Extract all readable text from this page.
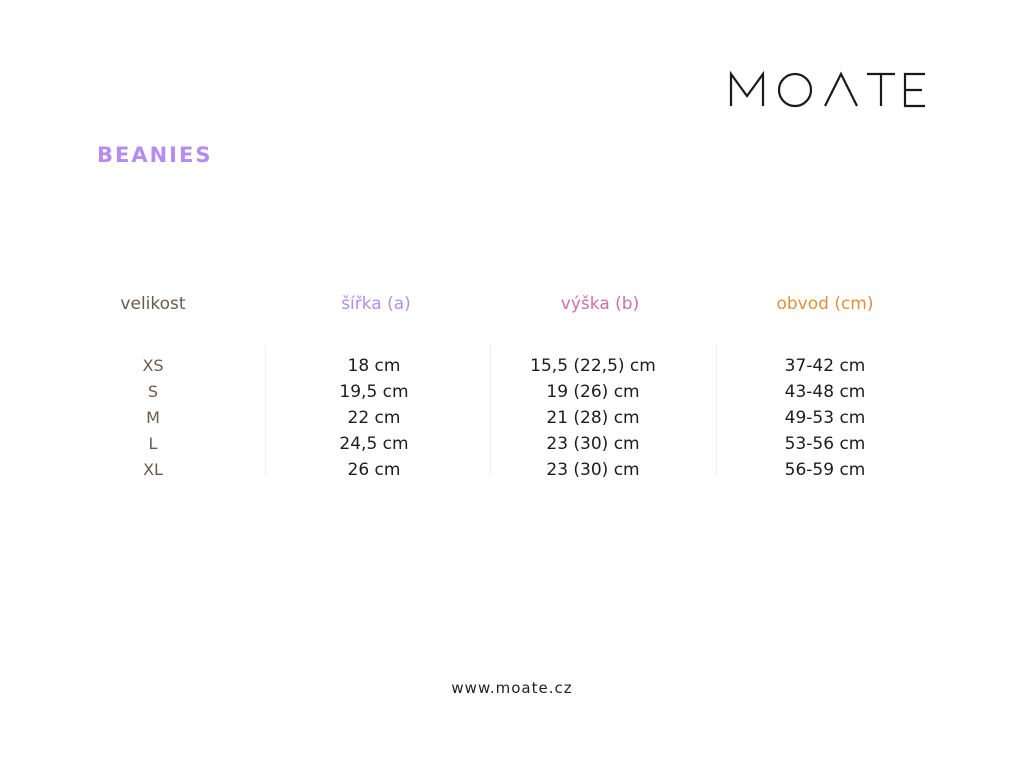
BEANIES
velikost
XS
S
M
L
XL
šířka (a)
18 cm
19,5 cm
22 cm
24,5 cm
26 cm
výška (b)
15,5 (22,5) cm
19 (26) cm
21 (28) cm
23 (30) cm
23 (30) cm
obvod (cm)
37-42 cm
43-48 cm
49-53 cm
53-56 cm
56-59 cm
www.moate.cz
